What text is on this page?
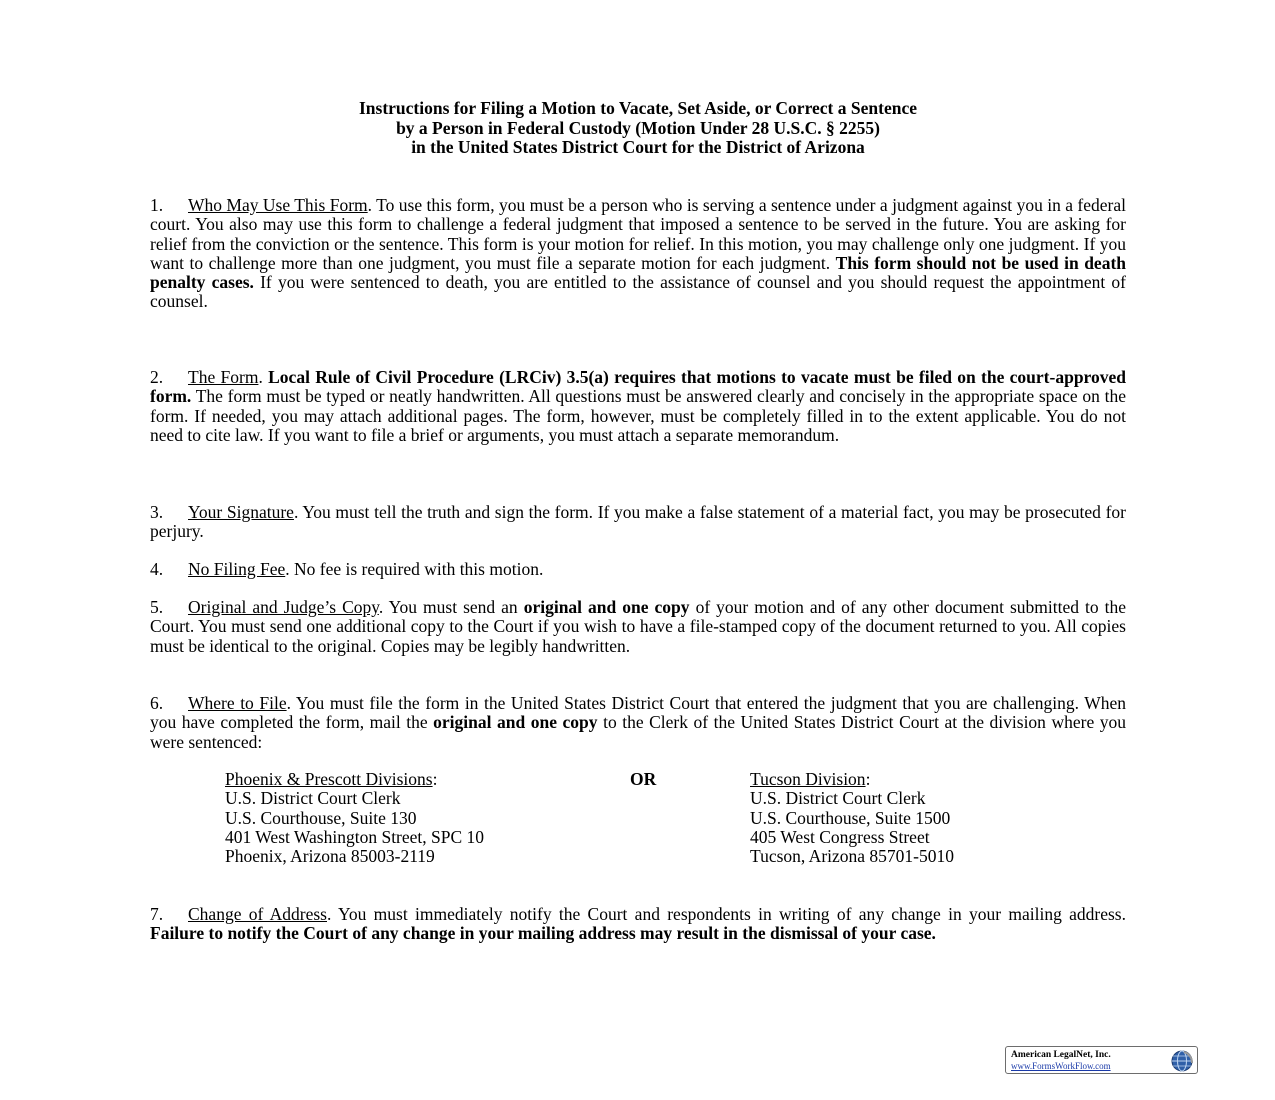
Instructions for Filing a Motion to Vacate, Set Aside, or Correct a Sentence
by a Person in Federal Custody (Motion Under 28 U.S.C. § 2255)
in the United States District Court for the District of Arizona
1. Who May Use This Form. To use this form, you must be a person who is serving a sentence under a judgment against you in a federal court. You also may use this form to challenge a federal judgment that imposed a sentence to be served in the future. You are asking for relief from the conviction or the sentence. This form is your motion for relief. In this motion, you may challenge only one judgment. If you want to challenge more than one judgment, you must file a separate motion for each judgment. This form should not be used in death penalty cases. If you were sentenced to death, you are entitled to the assistance of counsel and you should request the appointment of counsel.
2. The Form. Local Rule of Civil Procedure (LRCiv) 3.5(a) requires that motions to vacate must be filed on the court-approved form. The form must be typed or neatly handwritten. All questions must be answered clearly and concisely in the appropriate space on the form. If needed, you may attach additional pages. The form, however, must be completely filled in to the extent applicable. You do not need to cite law. If you want to file a brief or arguments, you must attach a separate memorandum.
3. Your Signature. You must tell the truth and sign the form. If you make a false statement of a material fact, you may be prosecuted for perjury.
4. No Filing Fee. No fee is required with this motion.
5. Original and Judge’s Copy. You must send an original and one copy of your motion and of any other document submitted to the Court. You must send one additional copy to the Court if you wish to have a file-stamped copy of the document returned to you. All copies must be identical to the original. Copies may be legibly handwritten.
6. Where to File. You must file the form in the United States District Court that entered the judgment that you are challenging. When you have completed the form, mail the original and one copy to the Clerk of the United States District Court at the division where you were sentenced:
Phoenix & Prescott Divisions:
U.S. District Court Clerk
U.S. Courthouse, Suite 130
401 West Washington Street, SPC 10
Phoenix, Arizona 85003-2119
OR	Tucson Division:
U.S. District Court Clerk
U.S. Courthouse, Suite 1500
405 West Congress Street
Tucson, Arizona 85701-5010
7. Change of Address. You must immediately notify the Court and respondents in writing of any change in your mailing address. Failure to notify the Court of any change in your mailing address may result in the dismissal of your case.
American LegalNet, Inc.
www.FormsWorkFlow.com
